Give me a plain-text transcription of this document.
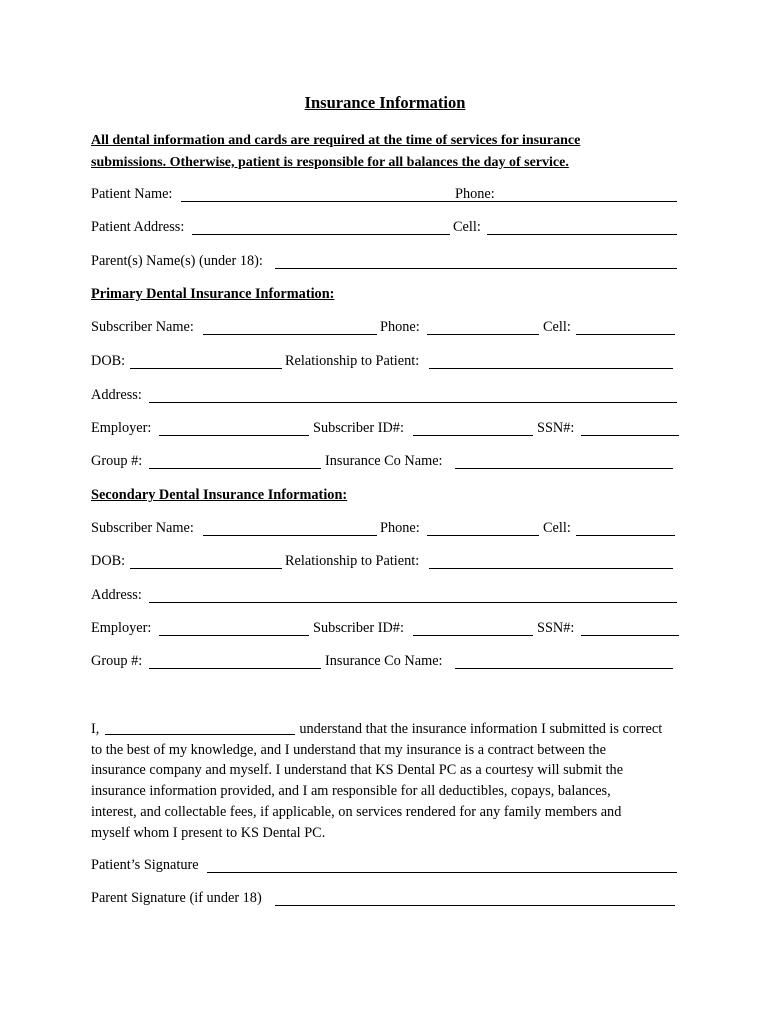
Insurance Information
All dental information and cards are required at the time of services for insurance
submissions. Otherwise, patient is responsible for all balances the day of service.
Patient Name:	Phone:
Patient Address:	Cell:
Parent(s) Name(s) (under 18):
Primary Dental Insurance Information:
Subscriber Name:	Phone:	Cell:
DOB:	Relationship to Patient:
Address:
Employer:	Subscriber ID#:	SSN#:
Group #:	Insurance Co Name:
Secondary Dental Insurance Information:
Subscriber Name:	Phone:	Cell:
DOB:	Relationship to Patient:
Address:
Employer:	Subscriber ID#:	SSN#:
Group #:	Insurance Co Name:
I,	understand that the insurance information I submitted is correct
to the best of my knowledge, and I understand that my insurance is a contract between the
insurance company and myself. I understand that KS Dental PC as a courtesy will submit the
insurance information provided, and I am responsible for all deductibles, copays, balances,
interest, and collectable fees, if applicable, on services rendered for any family members and
myself whom I present to KS Dental PC.
Patient’s Signature
Parent Signature (if under 18)
